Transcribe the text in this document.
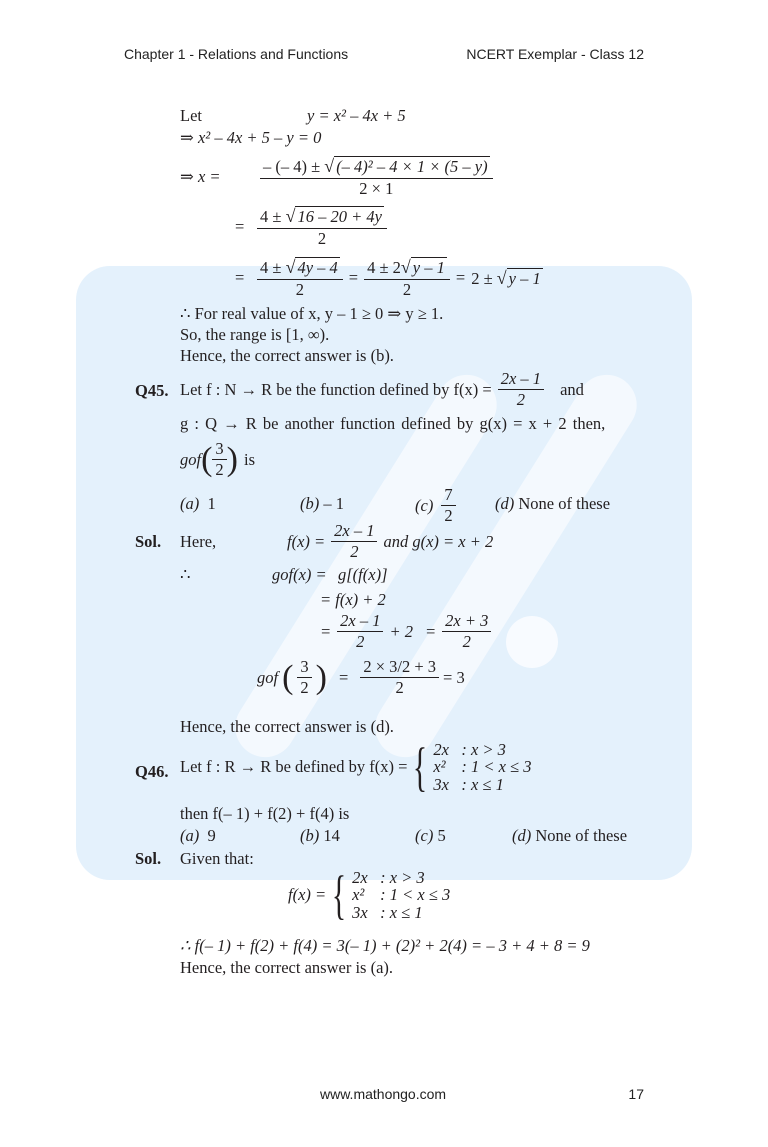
Chapter 1 - Relations and Functions	NCERT Exemplar - Class 12
Let	y = x² – 4x + 5
⇒ x² – 4x + 5 – y = 0
⇒ x =	$\frac{\text{– (– 4) ± √ (– 4)² – 4 × 1 × (5 – y)}}{2 \times 1}$
= $\frac{4 \pm √ 16 - 20 + 4y}{2}$
= $\frac{4 \pm √ 4y - 4}{2} = \frac{4 \pm 2√ y - 1}{2} = 2$ ± √ y – 1
∴ For real value of x, y – 1 ≥ 0 ⇒ y ≥ 1.
So, the range is [1, ∞).
Hence, the correct answer is (b).
Q45. Let f : N → R be the function defined by $f(x) = \frac{2x - 1}{2}$ and
g : Q → R be another function defined by g(x) = x + 2 then,
gof ( $\frac{3}{2}$ ) is
(a) 1	(b) – 1	$(c) \frac{7}{2} (d)$ None of these
Sol. Here,	$f(x) = \frac{2x - 1}{2}$ and g(x) = x + 2
∴	gof(x) = g[(f(x)]
= f(x) + 2
= $\frac{2x - 1}{2} + 2 = \frac{2x + 3}{2}$
gof ( $\frac{3}{2}$ ) = $\frac{2 \times 3/2 + 3}{2} = 3$
Hence, the correct answer is (d).
Q46. Let f : R → R be defined by f(x) = { 2x : x > 3
x² : 1 < x ≤ 3
3x : x ≤ 1
then f(– 1) + f(2) + f(4) is
(a) 9	(b) 14	(c) 5	(d) None of these
Sol. Given that:
f(x) = { 2x : x > 3
x² : 1 < x ≤ 3
3x : x ≤ 1
∴ f(– 1) + f(2) + f(4) = 3(– 1) + (2)² + 2(4) = – 3 + 4 + 8 = 9
Hence, the correct answer is (a).
www.mathongo.com	17
